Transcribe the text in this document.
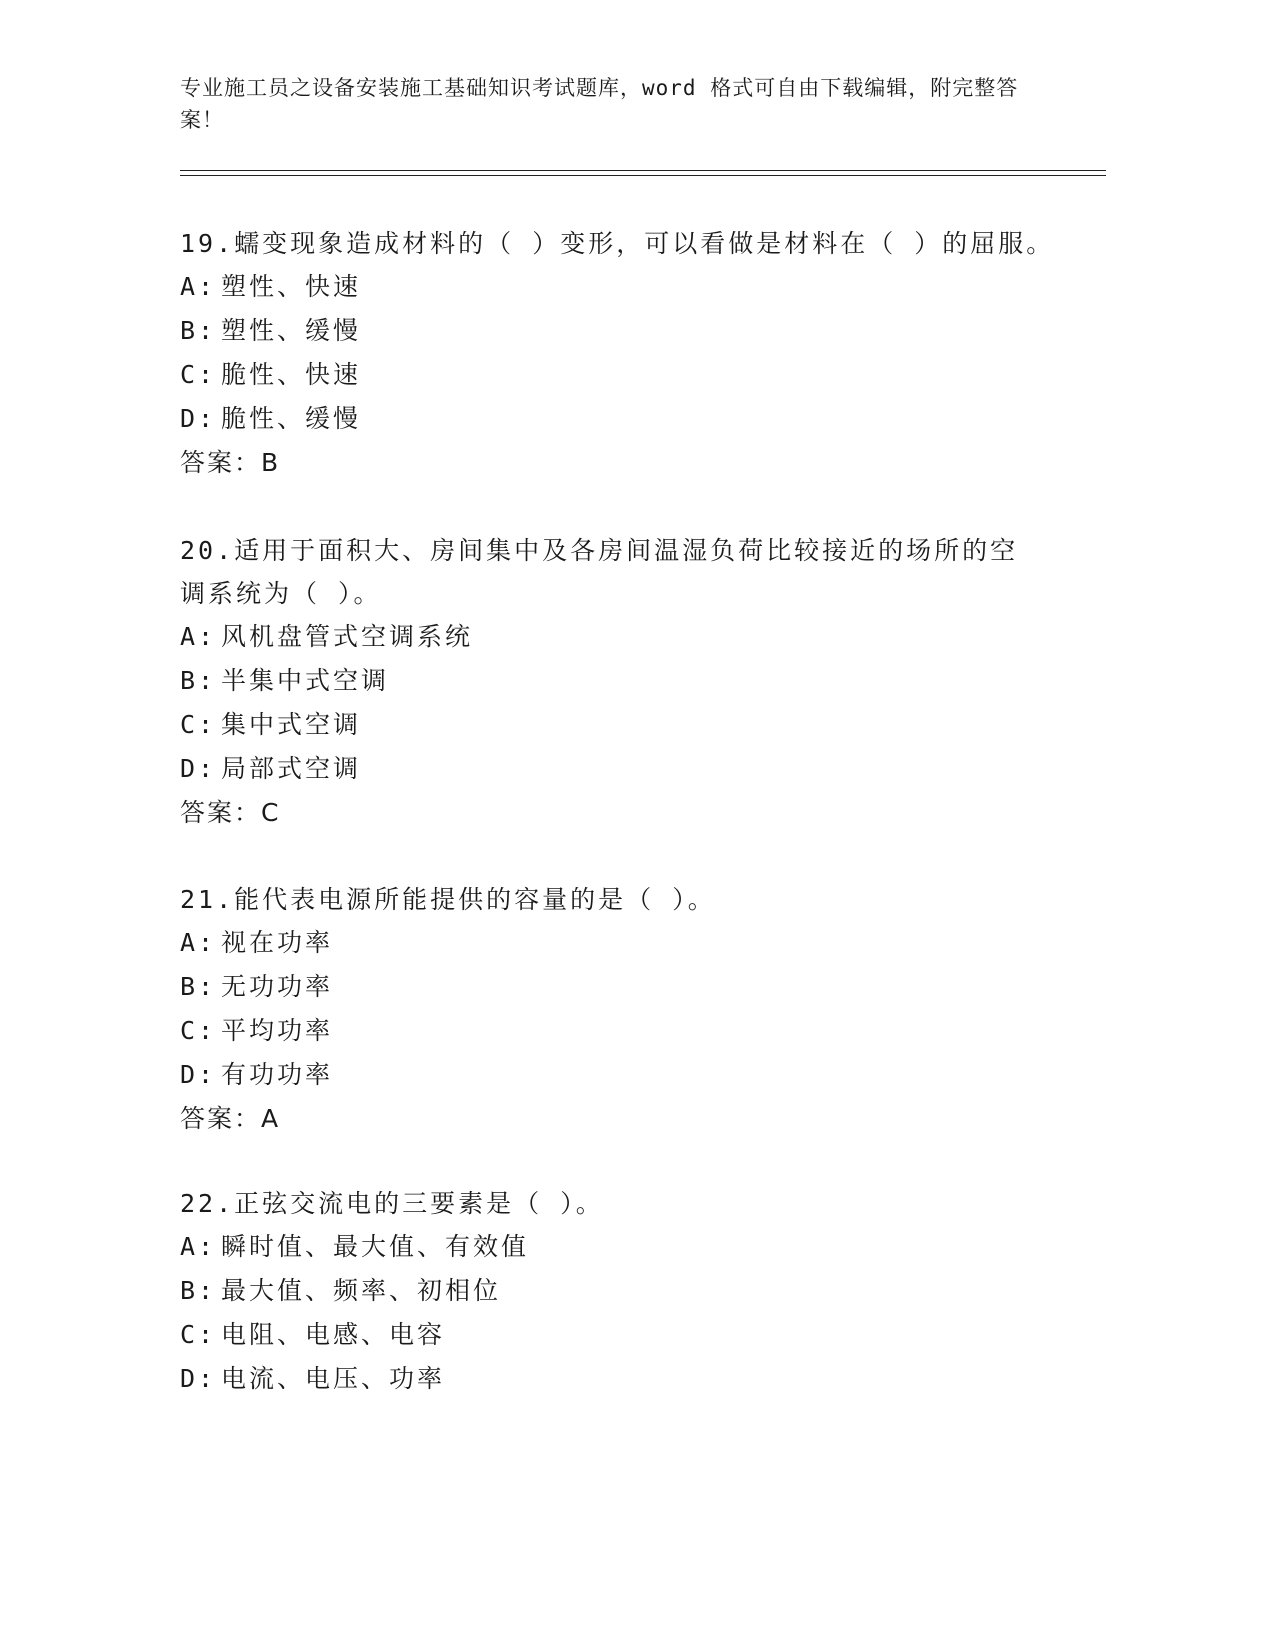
专业施工员之设备安装施工基础知识考试题库，word 格式可自由下载编辑，附完整答案！
19.蠕变现象造成材料的（ ）变形，可以看做是材料在（ ）的屈服。
A: 塑性、快速
B: 塑性、缓慢
C: 脆性、快速
D: 脆性、缓慢
答案：B
20.适用于面积大、房间集中及各房间温湿负荷比较接近的场所的空调系统为（ ）。
A: 风机盘管式空调系统
B: 半集中式空调
C: 集中式空调
D: 局部式空调
答案：C
21.能代表电源所能提供的容量的是（ ）。
A: 视在功率
B: 无功功率
C: 平均功率
D: 有功功率
答案：A
22.正弦交流电的三要素是（ ）。
A: 瞬时值、最大值、有效值
B: 最大值、频率、初相位
C: 电阻、电感、电容
D: 电流、电压、功率
